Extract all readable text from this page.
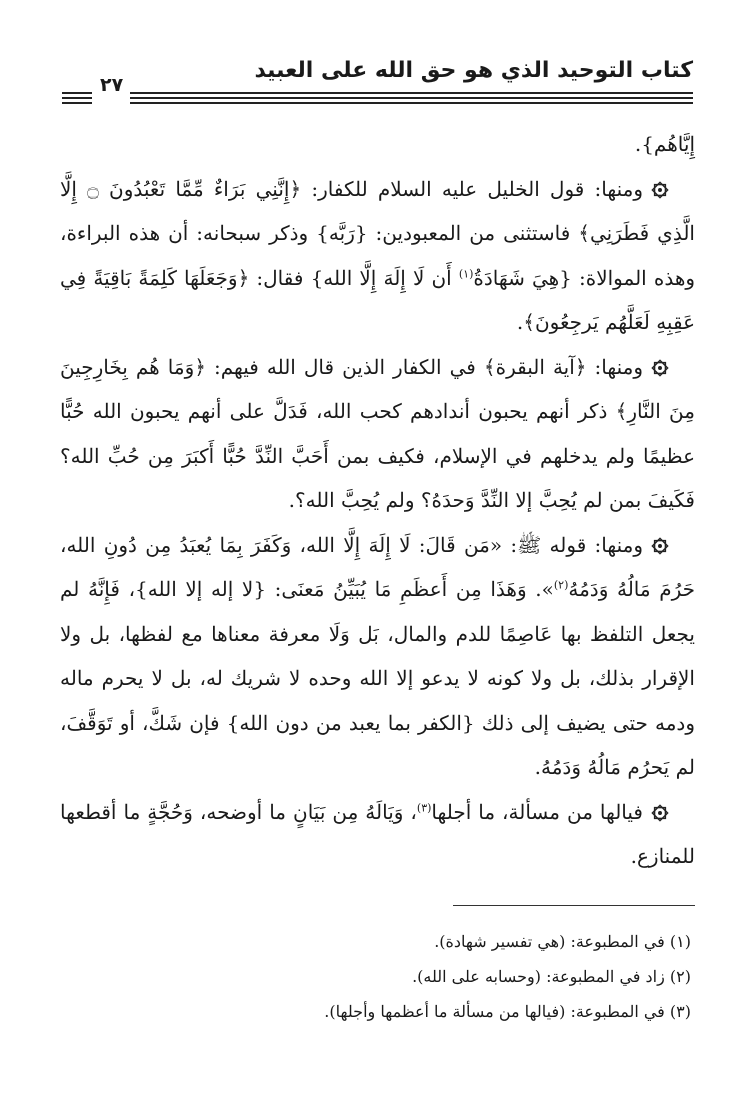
كتاب التوحيد الذي هو حق الله على العبيد
٢٧

إِيَّاهُم}.

ومنها: قول الخليل عليه السلام للكفار: ﴿إِنَّنِي بَرَاءٌ مِّمَّا تَعْبُدُونَ ۝ إِلَّا الَّذِي فَطَرَنِي﴾ فاستثنى من المعبودين: {رَبَّه} وذكر سبحانه: أن هذه البراءة، وهذه الموالاة: {هِيَ شَهَادَةُ$^{(١)}$ أَن لَا إِلَهَ إِلَّا الله} فقال: ﴿وَجَعَلَهَا كَلِمَةً بَاقِيَةً فِي عَقِبِهِ لَعَلَّهُم يَرجِعُونَ﴾.

ومنها: ﴿آية البقرة﴾ في الكفار الذين قال الله فيهم: ﴿وَمَا هُم بِخَارِجِينَ مِنَ النَّارِ﴾ ذكر أنهم يحبون أندادهم كحب الله، فَدَلَّ على أنهم يحبون الله حُبًّا عظيمًا ولم يدخلهم في الإسلام، فكيف بمن أَحَبَّ النِّدَّ حُبًّا أَكبَرَ مِن حُبِّ الله؟ فَكَيفَ بمن لم يُحِبَّ إلا النِّدَّ وَحدَهُ؟ ولم يُحِبَّ الله؟.

ومنها: قوله ﷺ: «مَن قَالَ: لَا إِلَهَ إِلَّا الله، وَكَفَرَ بِمَا يُعبَدُ مِن دُونِ الله، حَرُمَ مَالُهُ وَدَمُهُ$^{(٢)}$». وَهَذَا مِن أَعظَمِ مَا يُبَيِّنُ مَعنَى: {لا إله إلا الله}، فَإِنَّهُ لم يجعل التلفظ بها عَاصِمًا للدم والمال، بَل وَلَا معرفة معناها مع لفظها، بل ولا الإقرار بذلك، بل ولا كونه لا يدعو إلا الله وحده لا شريك له، بل لا يحرم ماله ودمه حتى يضيف إلى ذلك {الكفر بما يعبد من دون الله} فإن شَكَّ، أو تَوَقَّفَ، لم يَحرُم مَالُهُ وَدَمُهُ.

فيالها من مسألة، ما أجلها$^{(٣)}$، وَيَالَهُ مِن بَيَانٍ ما أوضحه، وَحُجَّةٍ ما أقطعها للمنازع.

(١) في المطبوعة: (هي تفسير شهادة).

(٢) زاد في المطبوعة: (وحسابه على الله).

(٣) في المطبوعة: (فيالها من مسألة ما أعظمها وأجلها).
